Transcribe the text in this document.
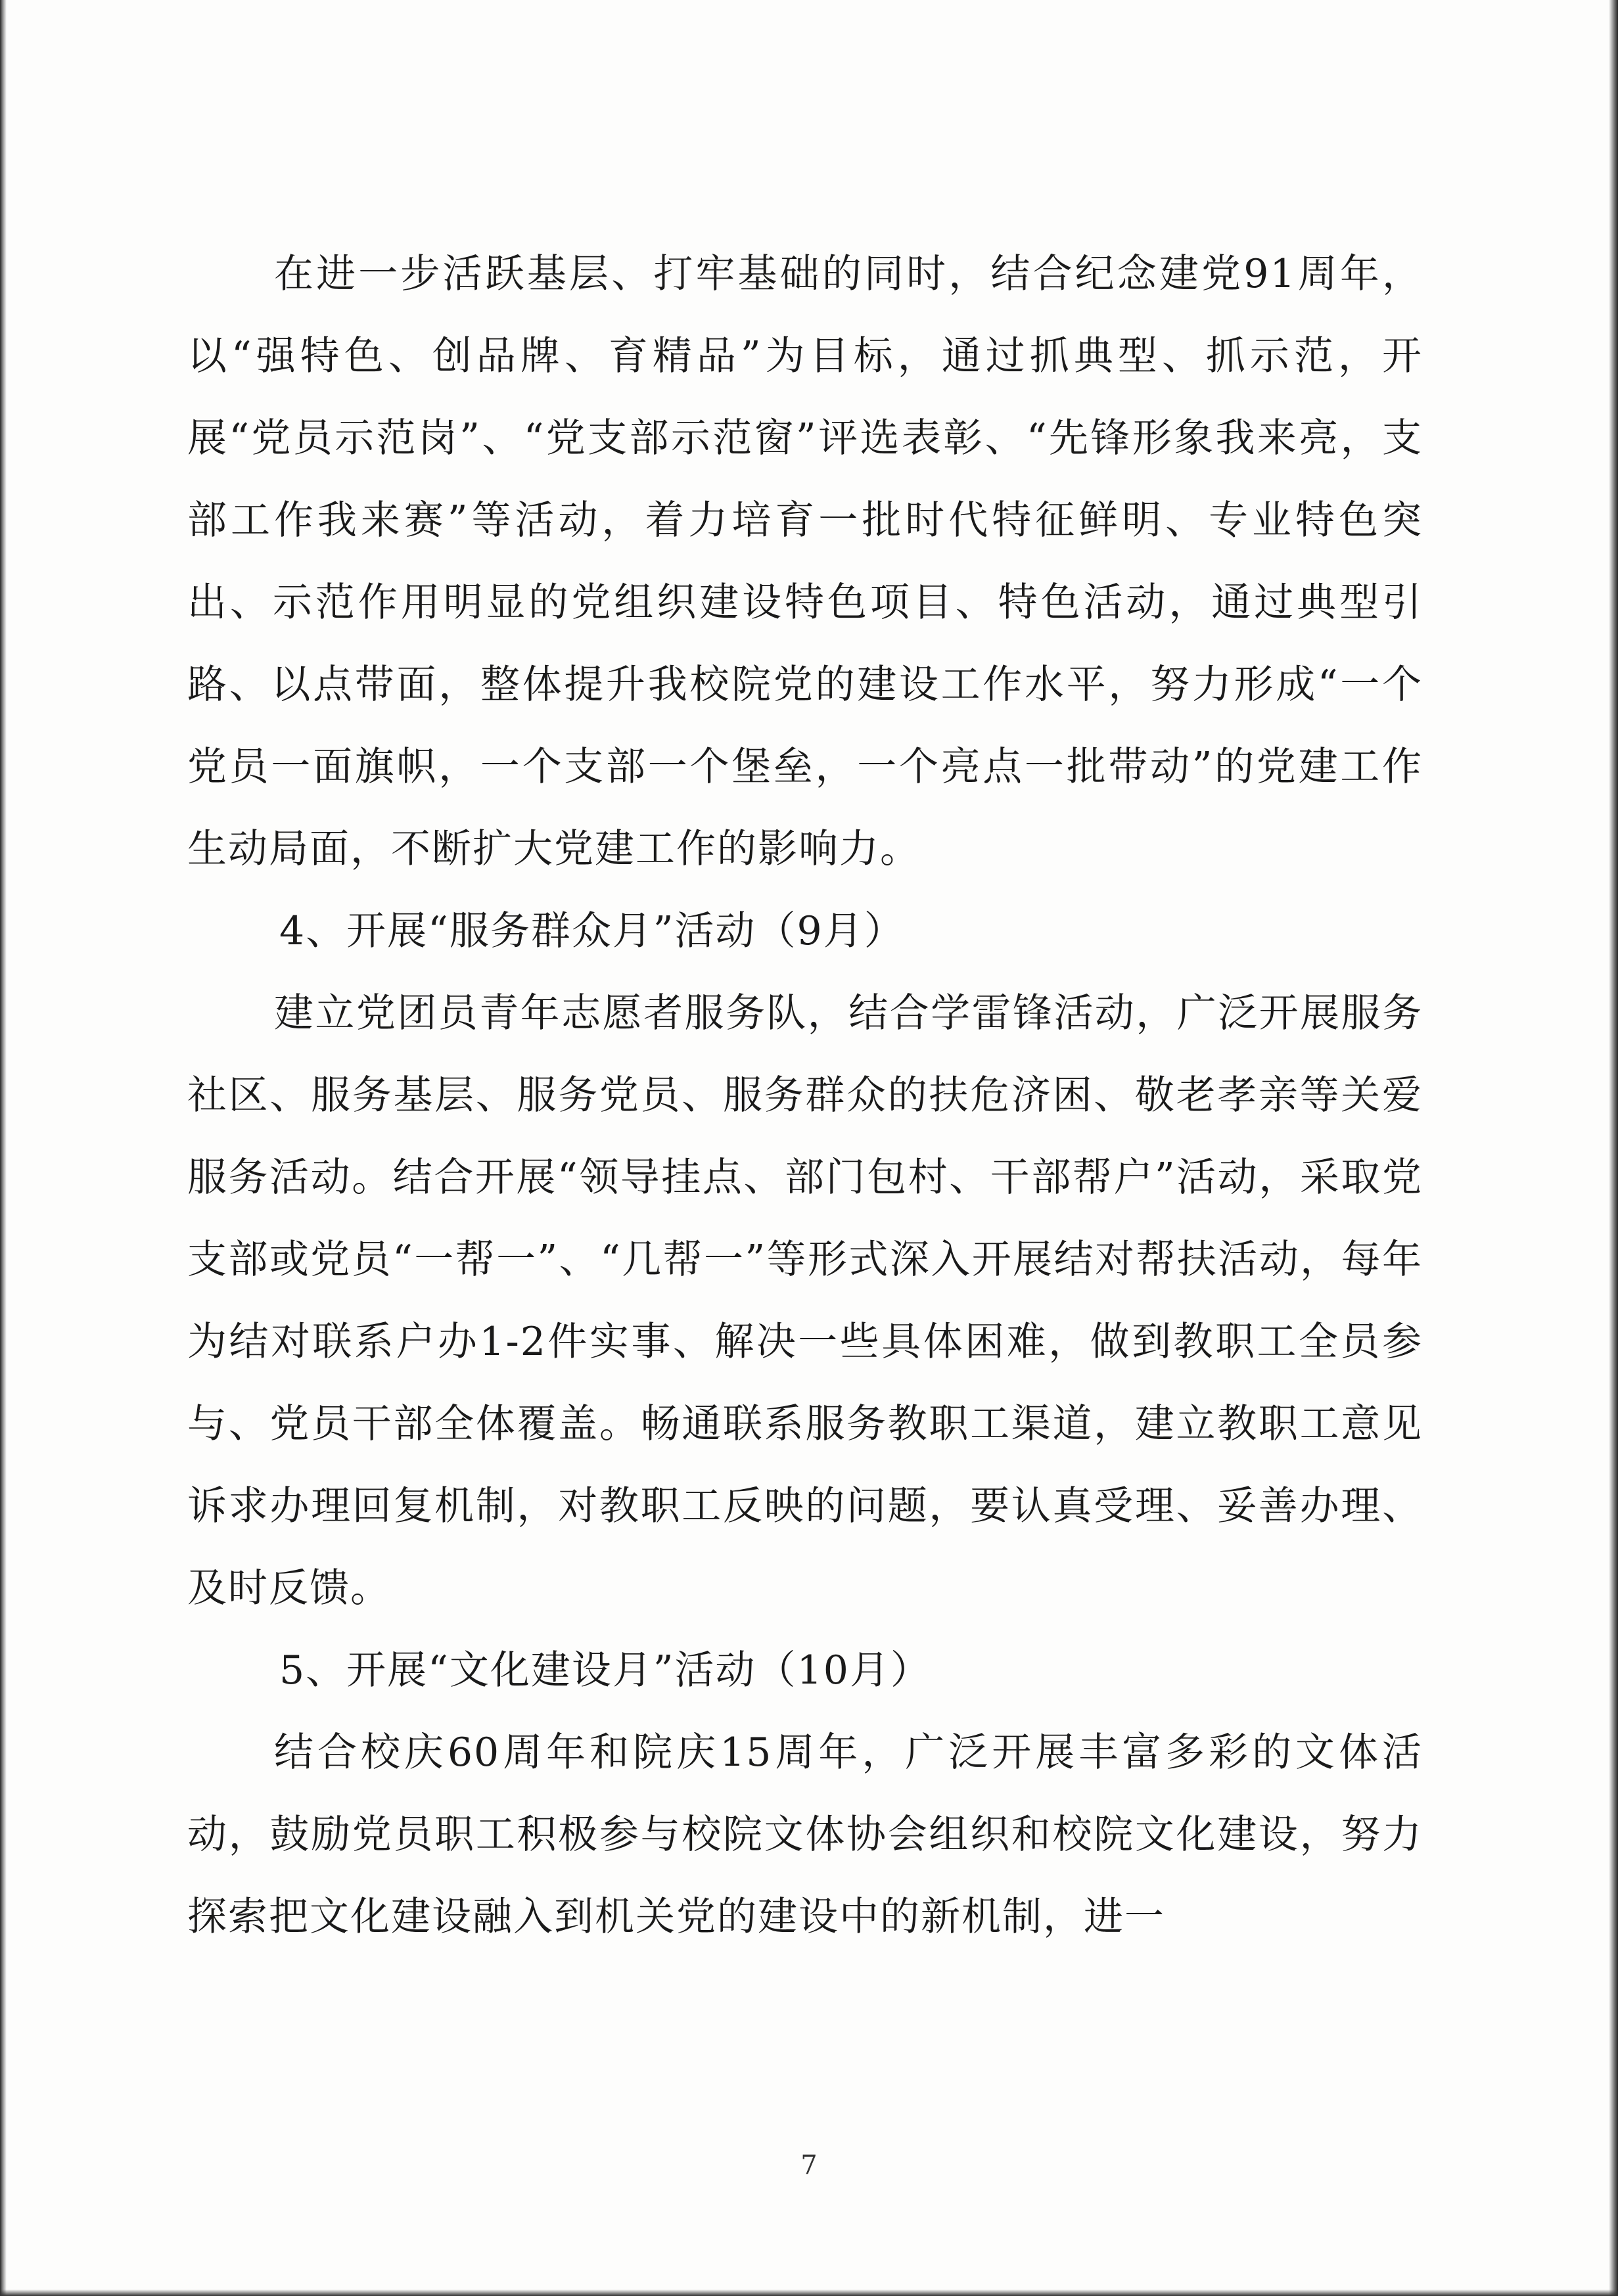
在进一步活跃基层、打牢基础的同时，结合纪念建党91周年，以“强特色、创品牌、育精品”为目标，通过抓典型、抓示范，开展“党员示范岗”、“党支部示范窗”评选表彰、“先锋形象我来亮，支部工作我来赛”等活动，着力培育一批时代特征鲜明、专业特色突出、示范作用明显的党组织建设特色项目、特色活动，通过典型引路、以点带面，整体提升我校院党的建设工作水平，努力形成“一个党员一面旗帜，一个支部一个堡垒，一个亮点一批带动”的党建工作生动局面，不断扩大党建工作的影响力。

4、开展“服务群众月”活动（9月）

建立党团员青年志愿者服务队，结合学雷锋活动，广泛开展服务社区、服务基层、服务党员、服务群众的扶危济困、敬老孝亲等关爱服务活动。结合开展“领导挂点、部门包村、干部帮户”活动，采取党支部或党员“一帮一”、“几帮一”等形式深入开展结对帮扶活动，每年为结对联系户办1-2件实事、解决一些具体困难，做到教职工全员参与、党员干部全体覆盖。畅通联系服务教职工渠道，建立教职工意见诉求办理回复机制，对教职工反映的问题，要认真受理、妥善办理、及时反馈。

5、开展“文化建设月”活动（10月）

结合校庆60周年和院庆15周年，广泛开展丰富多彩的文体活动，鼓励党员职工积极参与校院文体协会组织和校院文化建设，努力探索把文化建设融入到机关党的建设中的新机制，进一

7
